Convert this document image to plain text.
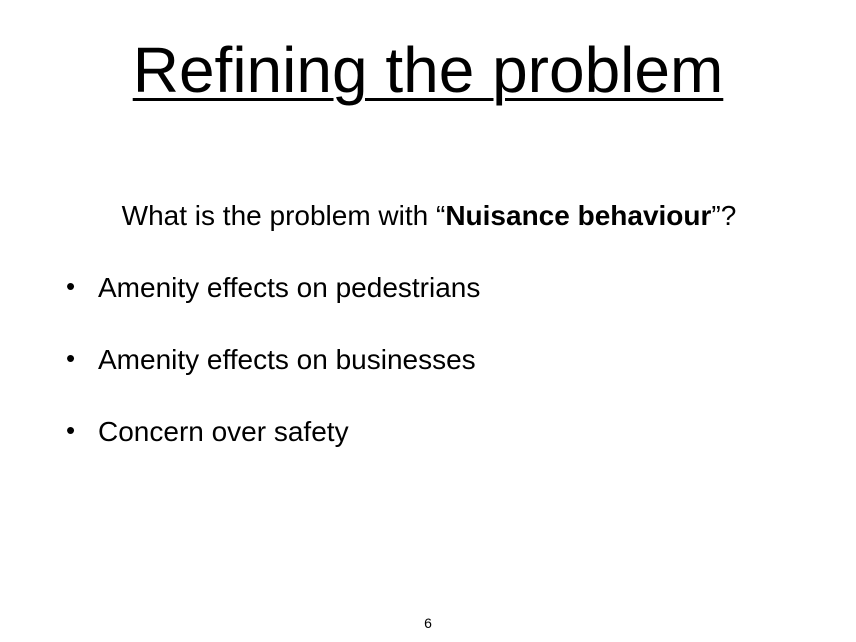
Refining the problem
What is the problem with “Nuisance behaviour”?
• Amenity effects on pedestrians
• Amenity effects on businesses
• Concern over safety
6
